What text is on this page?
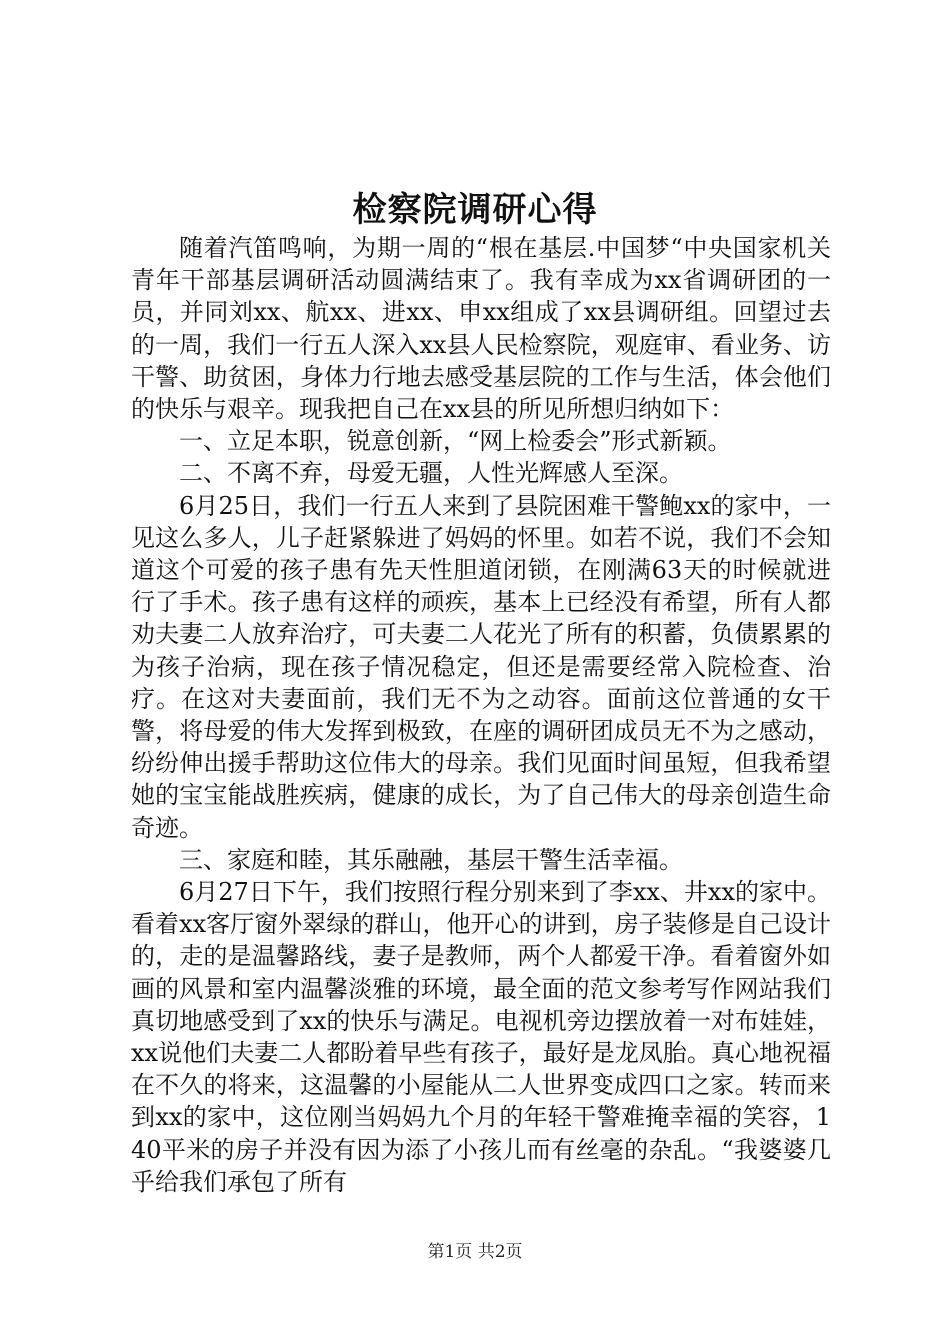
检察院调研心得

随着汽笛鸣响，为期一周的“根在基层.中国梦“中央国家机关青年干部基层调研活动圆满结束了。我有幸成为xx省调研团的一员，并同刘xx、航xx、进xx、申xx组成了xx县调研组。回望过去的一周，我们一行五人深入xx县人民检察院，观庭审、看业务、访干警、助贫困，身体力行地去感受基层院的工作与生活，体会他们的快乐与艰辛。现我把自己在xx县的所见所想归纳如下：

一、立足本职，锐意创新，“网上检委会”形式新颖。

二、不离不弃，母爱无疆，人性光辉感人至深。

6月25日，我们一行五人来到了县院困难干警鲍xx的家中，一见这么多人，儿子赶紧躲进了妈妈的怀里。如若不说，我们不会知道这个可爱的孩子患有先天性胆道闭锁，在刚满63天的时候就进行了手术。孩子患有这样的顽疾，基本上已经没有希望，所有人都劝夫妻二人放弃治疗，可夫妻二人花光了所有的积蓄，负债累累的为孩子治病，现在孩子情况稳定，但还是需要经常入院检查、治疗。在这对夫妻面前，我们无不为之动容。面前这位普通的女干警，将母爱的伟大发挥到极致，在座的调研团成员无不为之感动，纷纷伸出援手帮助这位伟大的母亲。我们见面时间虽短，但我希望她的宝宝能战胜疾病，健康的成长，为了自己伟大的母亲创造生命奇迹。

三、家庭和睦，其乐融融，基层干警生活幸福。

6月27日下午，我们按照行程分别来到了李xx、井xx的家中。看着xx客厅窗外翠绿的群山，他开心的讲到，房子装修是自己设计的，走的是温馨路线，妻子是教师，两个人都爱干净。看着窗外如画的风景和室内温馨淡雅的环境，最全面的范文参考写作网站我们真切地感受到了xx的快乐与满足。电视机旁边摆放着一对布娃娃，xx说他们夫妻二人都盼着早些有孩子，最好是龙凤胎。真心地祝福在不久的将来，这温馨的小屋能从二人世界变成四口之家。转而来到xx的家中，这位刚当妈妈九个月的年轻干警难掩幸福的笑容，140平米的房子并没有因为添了小孩儿而有丝毫的杂乱。“我婆婆几乎给我们承包了所有

第1页 共2页
